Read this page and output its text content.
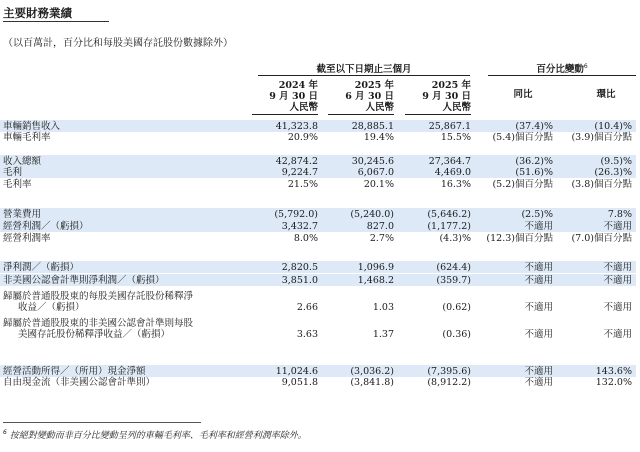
主要財務業績
（以百萬計，百分比和每股美國存託股份數據除外）
截至以下日期止三個月	百分比變動$^6$
2024 年
9 月 30 日
人民幣
2025 年
6 月 30 日
人民幣
2025 年
9 月 30 日
人民幣
同比	環比
車輛銷售收入	41,323.8	28,885.1	25,867.1	(37.4)%	(10.4)%
車輛毛利率	20.9%	19.4%	15.5%	(5.4)個百分點	(3.9)個百分點
收入總額	42,874.2	30,245.6	27,364.7	(36.2)%	(9.5)%
毛利	9,224.7	6,067.0	4,469.0	(51.6)%	(26.3)%
毛利率	21.5%	20.1%	16.3%	(5.2)個百分點	(3.8)個百分點
營業費用	(5,792.0)	(5,240.0)	(5,646.2)	(2.5)%	7.8%
經營利潤／（虧損）	3,432.7	827.0	(1,177.2)	不適用	不適用
經營利潤率	8.0%	2.7%	(4.3)%	(12.3)個百分點	(7.0)個百分點
淨利潤／（虧損）	2,820.5	1,096.9	(624.4)	不適用	不適用
非美國公認會計準則淨利潤／（虧損）	3,851.0	1,468.2	(359.7)	不適用	不適用
歸屬於普通股股東的每股美國存託股份稀釋淨
收益／（虧損）	2.66	1.03	(0.62)	不適用	不適用
歸屬於普通股股東的非美國公認會計準則每股
美國存託股份稀釋淨收益／（虧損）	3.63	1.37	(0.36)	不適用	不適用
經營活動所得／（所用）現金淨額	11,024.6	(3,036.2)	(7,395.6)	不適用	143.6%
自由現金流（非美國公認會計準則）	9,051.8	(3,841.8)	(8,912.2)	不適用	132.0%
$^6$ 按絕對變動而非百分比變動呈列的車輛毛利率、毛利率和經營利潤率除外。
